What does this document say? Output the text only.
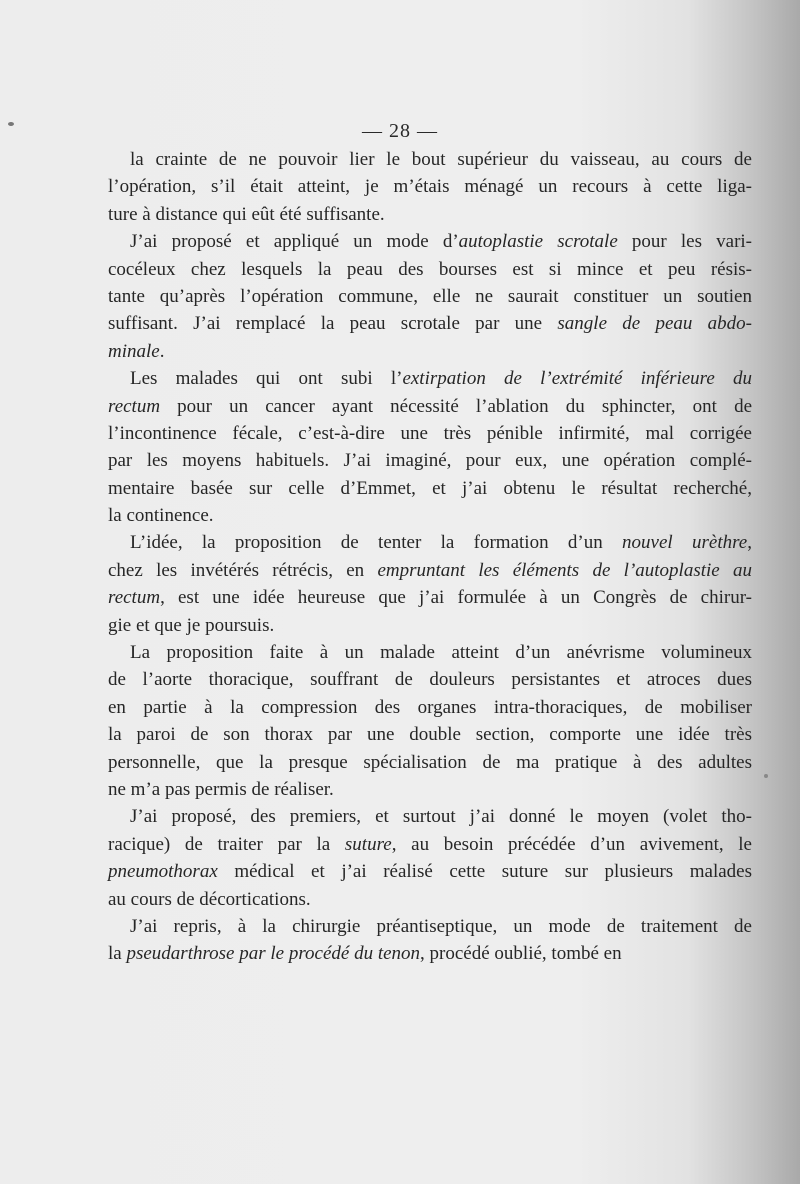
— 28 —

la crainte de ne pouvoir lier le bout supérieur du vaisseau, au cours de
l’opération, s’il était atteint, je m’étais ménagé un recours à cette liga-
ture à distance qui eût été suffisante.

J’ai proposé et appliqué un mode d’autoplastie scrotale pour les vari-
cocéleux chez lesquels la peau des bourses est si mince et peu résis-
tante qu’après l’opération commune, elle ne saurait constituer un soutien
suffisant. J’ai remplacé la peau scrotale par une sangle de peau abdo-
minale.

Les malades qui ont subi l’extirpation de l’extrémité inférieure du
rectum pour un cancer ayant nécessité l’ablation du sphincter, ont de
l’incontinence fécale, c’est-à-dire une très pénible infirmité, mal corrigée
par les moyens habituels. J’ai imaginé, pour eux, une opération complé-
mentaire basée sur celle d’Emmet, et j’ai obtenu le résultat recherché,
la continence.

L’idée, la proposition de tenter la formation d’un nouvel urèthre,
chez les invétérés rétrécis, en empruntant les éléments de l’autoplastie au
rectum, est une idée heureuse que j’ai formulée à un Congrès de chirur-
gie et que je poursuis.

La proposition faite à un malade atteint d’un anévrisme volumineux
de l’aorte thoracique, souffrant de douleurs persistantes et atroces dues
en partie à la compression des organes intra-thoraciques, de mobiliser
la paroi de son thorax par une double section, comporte une idée très
personnelle, que la presque spécialisation de ma pratique à des adultes
ne m’a pas permis de réaliser.

J’ai proposé, des premiers, et surtout j’ai donné le moyen (volet tho-
racique) de traiter par la suture, au besoin précédée d’un avivement, le
pneumothorax médical et j’ai réalisé cette suture sur plusieurs malades
au cours de décortications.

J’ai repris, à la chirurgie préantiseptique, un mode de traitement de
la pseudarthrose par le procédé du tenon, procédé oublié, tombé en
